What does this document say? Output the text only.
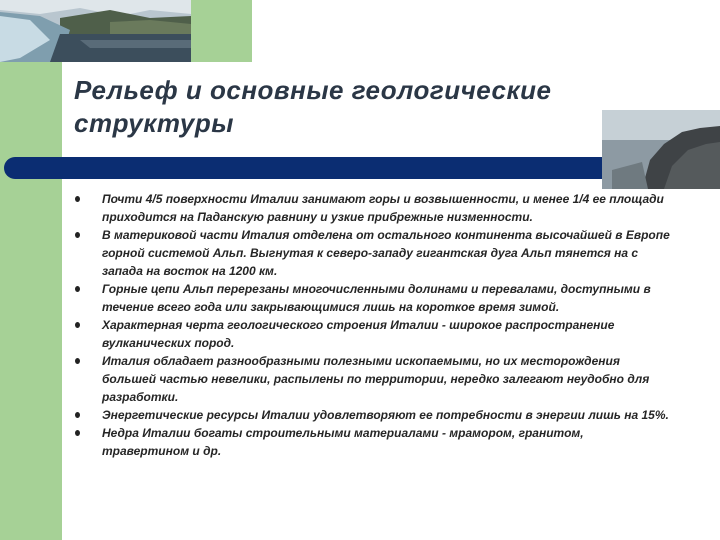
Рельеф и основные геологические структуры
Почти 4/5 поверхности Италии занимают горы и возвышенности, и менее 1/4 ее площади приходится на Паданскую равнину и узкие прибрежные низменности.
В материковой части Италия отделена от остального континента высочайшей в Европе горной системой Альп. Выгнутая к северо-западу гигантская дуга Альп тянется на с запада на восток на 1200 км.
Горные цепи Альп перерезаны многочисленными долинами и перевалами, доступными в течение всего года или закрывающимися лишь на короткое время зимой.
Характерная черта геологического строения Италии - широкое распространение вулканических пород.
Италия обладает разнообразными полезными ископаемыми, но их месторождения большей частью невелики, распылены по территории, нередко залегают неудобно для разработки.
Энергетические ресурсы Италии удовлетворяют ее потребности в энергии лишь на 15%.
Недра Италии богаты строительными материалами - мрамором, гранитом, травертином и др.
